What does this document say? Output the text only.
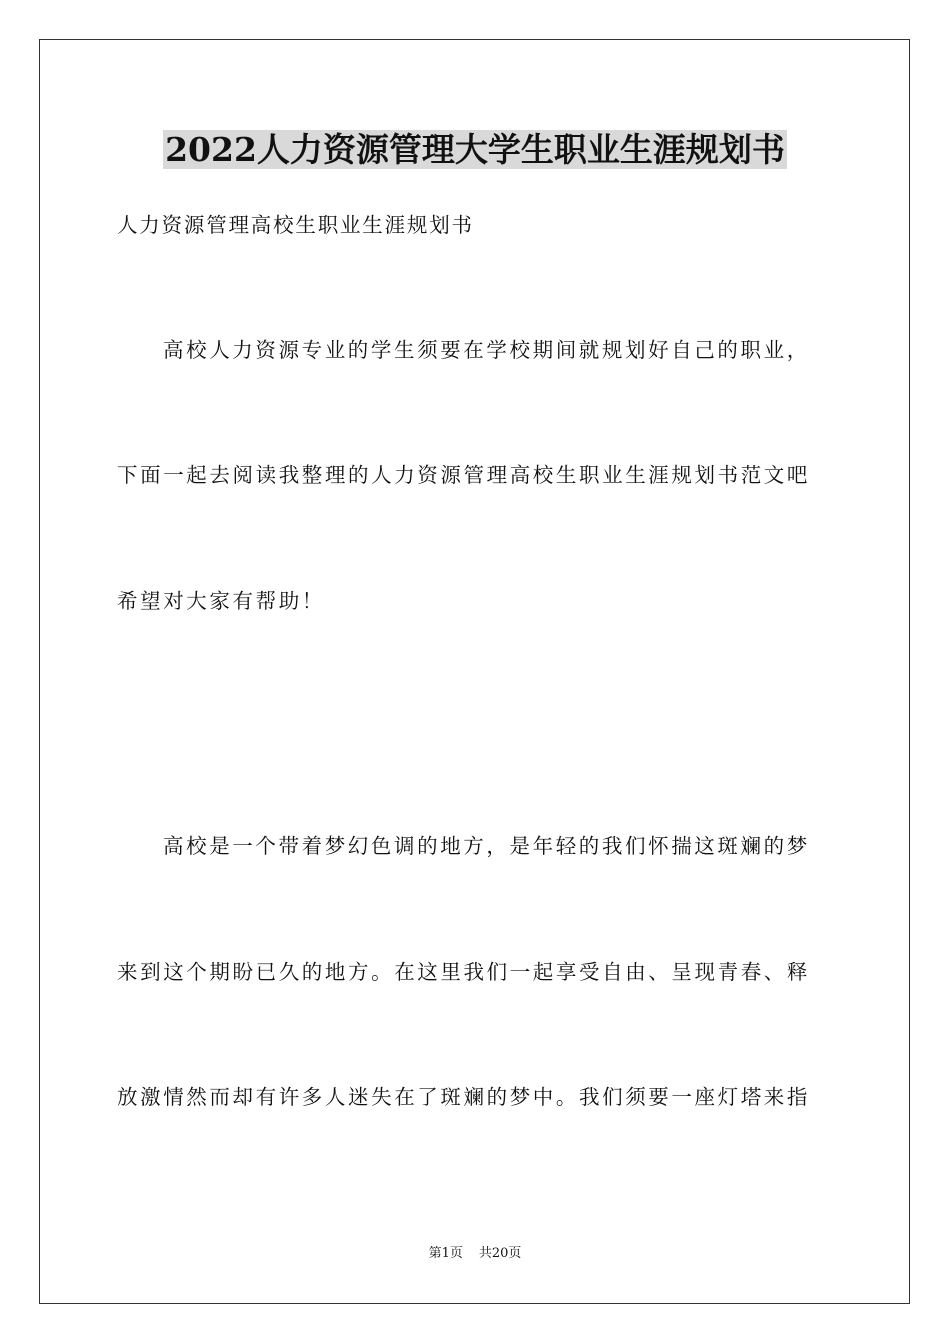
2022人力资源管理大学生职业生涯规划书

人力资源管理高校生职业生涯规划书

高校人力资源专业的学生须要在学校期间就规划好自己的职业，

下面一起去阅读我整理的人力资源管理高校生职业生涯规划书范文吧

希望对大家有帮助！

高校是一个带着梦幻色调的地方，是年轻的我们怀揣这斑斓的梦

来到这个期盼已久的地方。在这里我们一起享受自由、呈现青春、释

放激情然而却有许多人迷失在了斑斓的梦中。我们须要一座灯塔来指

第1页 共20页
